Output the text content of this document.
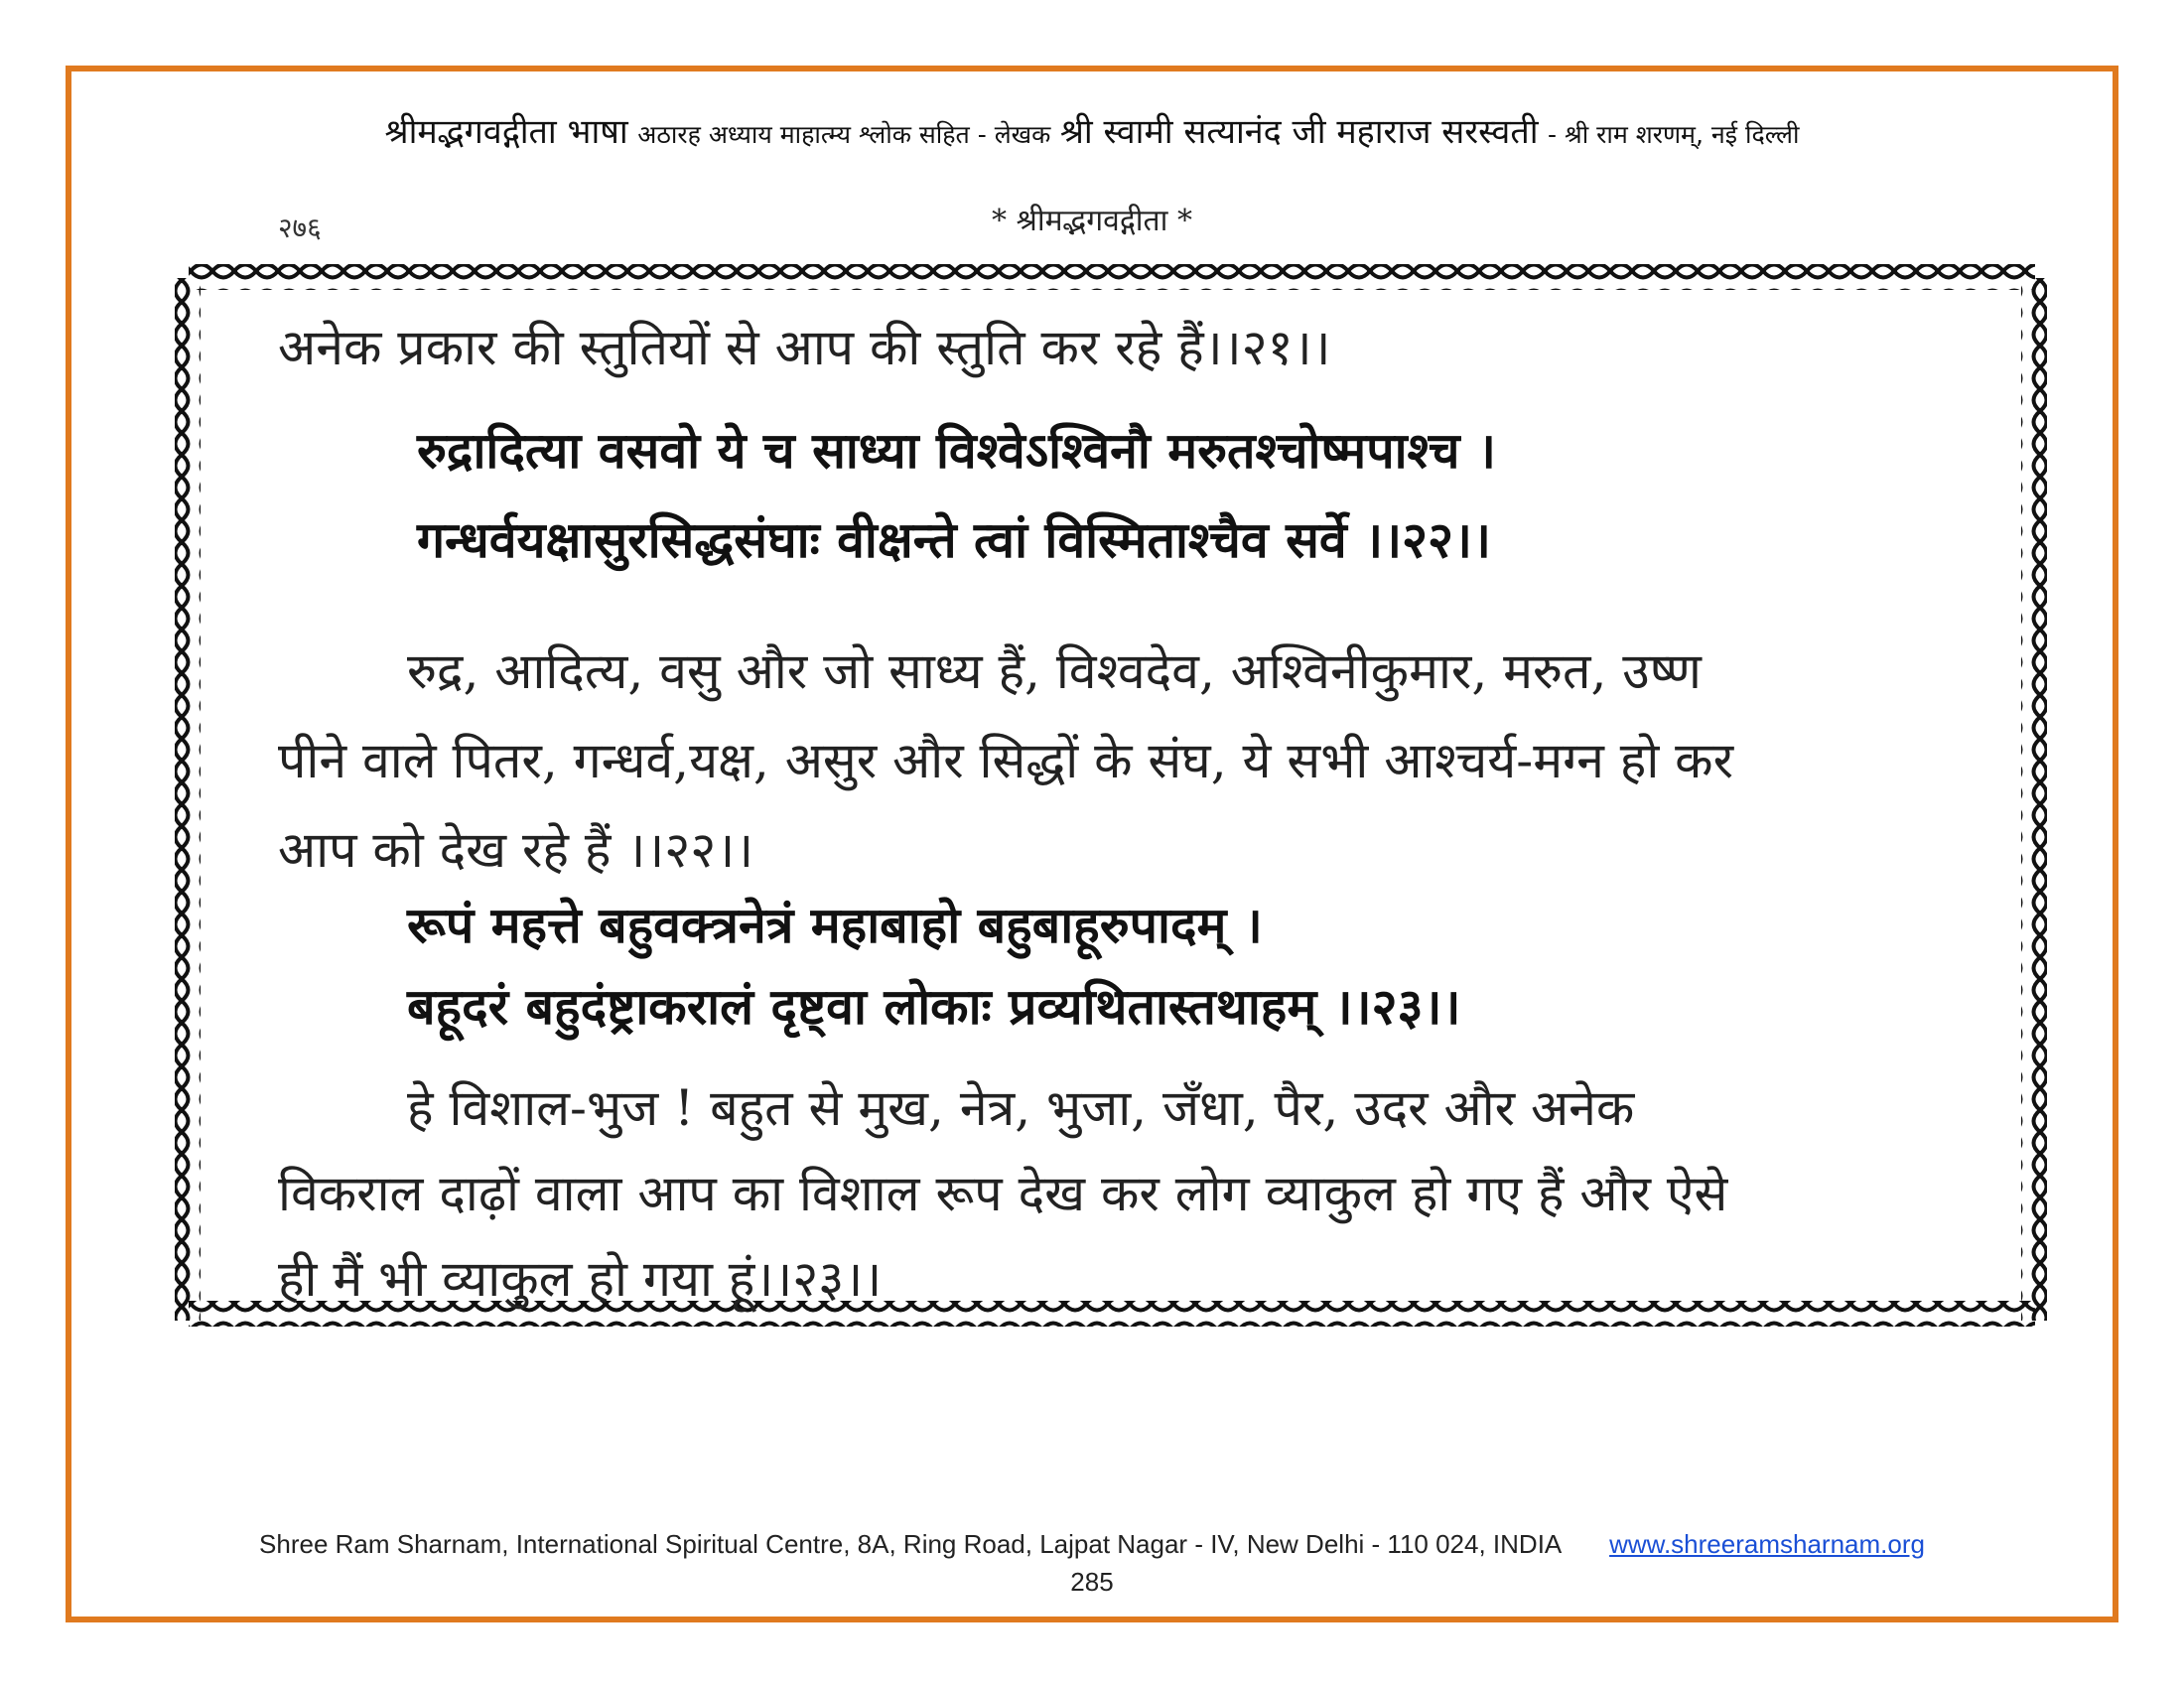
श्रीमद्भगवद्गीता भाषा अठारह अध्याय माहात्म्य श्लोक सहित - लेखक श्री स्वामी सत्यानंद जी महाराज सरस्वती - श्री राम शरणम्, नई दिल्ली
२७६	* श्रीमद्भगवद्गीता *
अनेक प्रकार की स्तुतियों से आप की स्तुति कर रहे हैं।।२१।।
रुद्रादित्या वसवो ये च साध्या विश्वेऽश्विनौ मरुतश्चोष्मपाश्च ।
गन्धर्वयक्षासुरसिद्धसंघाः वीक्षन्ते त्वां विस्मिताश्चैव सर्वे ।।२२।।
रुद्र, आदित्य, वसु और जो साध्य हैं, विश्वदेव, अश्विनीकुमार, मरुत, उष्ण
पीने वाले पितर, गन्धर्व,यक्ष, असुर और सिद्धों के संघ, ये सभी आश्चर्य-मग्न हो कर
आप को देख रहे हैं ।।२२।।
रूपं महत्ते बहुवक्त्रनेत्रं महाबाहो बहुबाहूरुपादम् ।
बहूदरं बहुदंष्ट्राकरालं दृष्ट्वा लोकाः प्रव्यथितास्तथाहम् ।।२३।।
हे विशाल-भुज ! बहुत से मुख, नेत्र, भुजा, जँधा, पैर, उदर और अनेक
विकराल दाढ़ों वाला आप का विशाल रूप देख कर लोग व्याकुल हो गए हैं और ऐसे
ही मैं भी व्याकुल हो गया हूं।।२३।।
Shree Ram Sharnam, International Spiritual Centre, 8A, Ring Road, Lajpat Nagar - IV, New Delhi - 110 024, INDIA www.shreeramsharnam.org
285
